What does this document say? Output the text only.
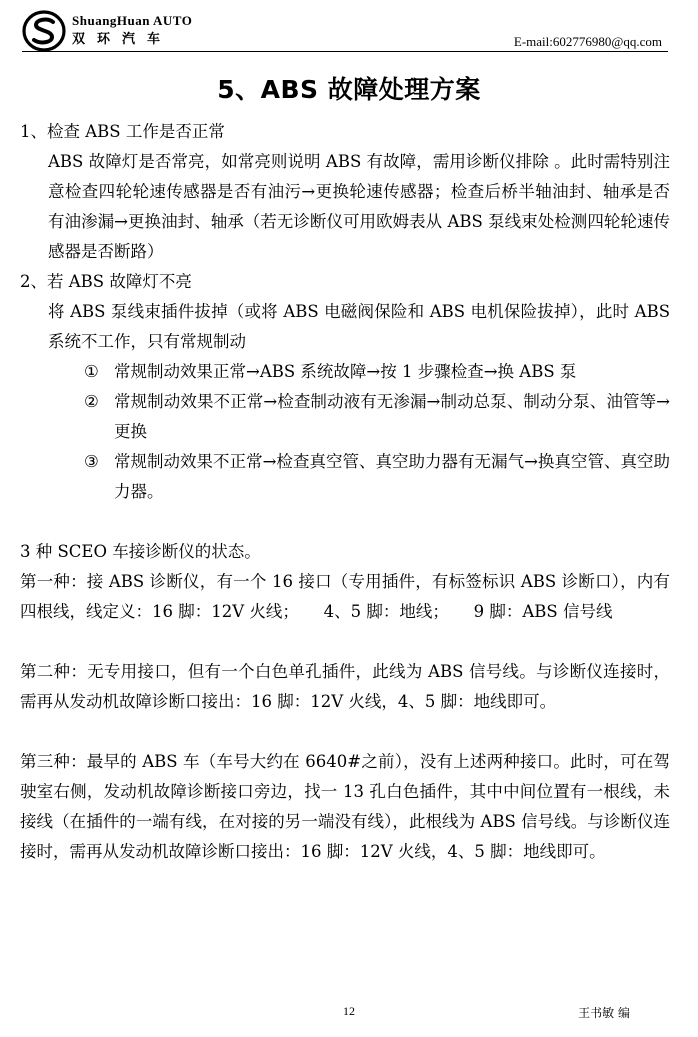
ShuangHuan AUTO
双环汽车	E-mail:602776980@qq.com
5、ABS 故障处理方案

1、检查 ABS 工作是否正常

ABS 故障灯是否常亮，如常亮则说明 ABS 有故障，需用诊断仪排除 。此时需特别注意检查四轮轮速传感器是否有油污→更换轮速传感器；检查后桥半轴油封、轴承是否有油渗漏→更换油封、轴承（若无诊断仪可用欧姆表从 ABS 泵线束处检测四轮轮速传感器是否断路）

2、若 ABS 故障灯不亮

将 ABS 泵线束插件拔掉（或将 ABS 电磁阀保险和 ABS 电机保险拔掉），此时 ABS 系统不工作，只有常规制动

① 常规制动效果正常→ABS 系统故障→按 1 步骤检查→换 ABS 泵
② 常规制动效果不正常→检查制动液有无渗漏→制动总泵、制动分泵、油管等→更换
③ 常规制动效果不正常→检查真空管、真空助力器有无漏气→换真空管、真空助力器。

3 种 SCEO 车接诊断仪的状态。

第一种：接 ABS 诊断仪，有一个 16 接口（专用插件，有标签标识 ABS 诊断口），内有四根线，线定义：16 脚：12V 火线；　　4、5 脚：地线；　　9 脚：ABS 信号线

第二种：无专用接口，但有一个白色单孔插件，此线为 ABS 信号线。与诊断仪连接时，需再从发动机故障诊断口接出：16 脚：12V 火线，4、5 脚：地线即可。

第三种：最早的 ABS 车（车号大约在 6640#之前），没有上述两种接口。此时，可在驾驶室右侧，发动机故障诊断接口旁边，找一 13 孔白色插件，其中中间位置有一根线，未接线（在插件的一端有线，在对接的另一端没有线），此根线为 ABS 信号线。与诊断仪连接时，需再从发动机故障诊断口接出：16 脚：12V 火线，4、5 脚：地线即可。

12	王书敏 编
